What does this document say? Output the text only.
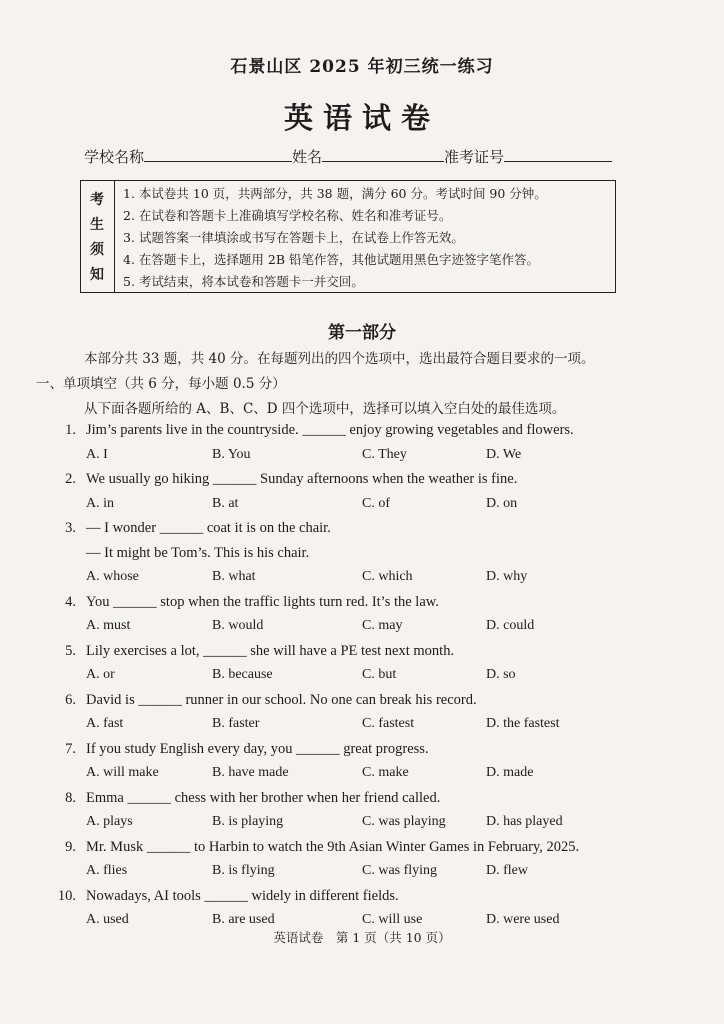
石景山区 2025 年初三统一练习
英语试卷
学校名称	姓名	准考证号
考
生
须
知
1. 本试卷共 10 页，共两部分，共 38 题，满分 60 分。考试时间 90 分钟。
2. 在试卷和答题卡上准确填写学校名称、姓名和准考证号。
3. 试题答案一律填涂或书写在答题卡上，在试卷上作答无效。
4. 在答题卡上，选择题用 2B 铅笔作答，其他试题用黑色字迹签字笔作答。
5. 考试结束，将本试卷和答题卡一并交回。
第一部分
本部分共 33 题，共 40 分。在每题列出的四个选项中，选出最符合题目要求的一项。
一、单项填空（共 6 分，每小题 0.5 分）
从下面各题所给的 A、B、C、D 四个选项中，选择可以填入空白处的最佳选项。
1. Jim’s parents live in the countryside. ______ enjoy growing vegetables and flowers.
A. I	B. You	C. They	D. We
2. We usually go hiking ______ Sunday afternoons when the weather is fine.
A. in	B. at	C. of	D. on
3. — I wonder ______ coat it is on the chair.
— It might be Tom’s. This is his chair.
A. whose	B. what	C. which	D. why
4. You ______ stop when the traffic lights turn red. It’s the law.
A. must	B. would	C. may	D. could
5. Lily exercises a lot, ______ she will have a PE test next month.
A. or	B. because	C. but	D. so
6. David is ______ runner in our school. No one can break his record.
A. fast	B. faster	C. fastest	D. the fastest
7. If you study English every day, you ______ great progress.
A. will make	B. have made	C. make	D. made
8. Emma ______ chess with her brother when her friend called.
A. plays	B. is playing	C. was playing	D. has played
9. Mr. Musk ______ to Harbin to watch the 9th Asian Winter Games in February, 2025.
A. flies	B. is flying	C. was flying	D. flew
10. Nowadays, AI tools ______ widely in different fields.
A. used	B. are used	C. will use	D. were used
英语试卷　第 1 页（共 10 页）
